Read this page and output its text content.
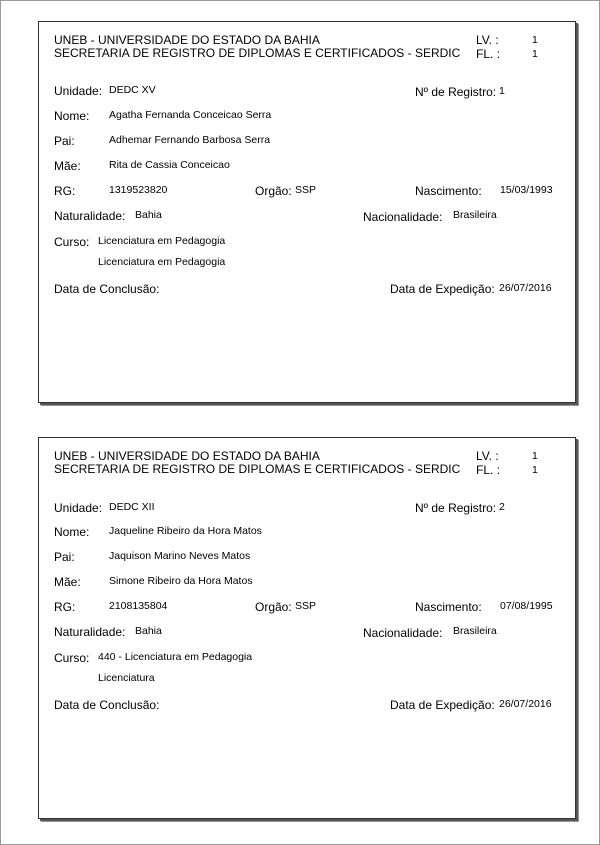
UNEB - UNIVERSIDADE DO ESTADO DA BAHIA
SECRETARIA DE REGISTRO DE DIPLOMAS E CERTIFICADOS - SERDIC
LV. :	1
FL. :	1
Unidade: DEDC XV	Nº de Registro: 1
Nome: Agatha Fernanda Conceicao Serra
Pai:	Adhemar Fernando Barbosa Serra
Mãe:	Rita de Cassia Conceicao
RG:	1319523820	Orgão: SSP	Nascimento: 15/03/1993
Naturalidade: Bahia	Nacionalidade: Brasileira
Curso: Licenciatura em Pedagogia
Licenciatura em Pedagogia
Data de Conclusão:	Data de Expedição: 26/07/2016
UNEB - UNIVERSIDADE DO ESTADO DA BAHIA
SECRETARIA DE REGISTRO DE DIPLOMAS E CERTIFICADOS - SERDIC
LV. :	1
FL. :	1
Unidade: DEDC XII	Nº de Registro: 2
Nome: Jaqueline Ribeiro da Hora Matos
Pai:	Jaquison Marino Neves Matos
Mãe:	Simone Ribeiro da Hora Matos
RG:	2108135804	Orgão: SSP	Nascimento: 07/08/1995
Naturalidade: Bahia	Nacionalidade: Brasileira
Curso: 440 - Licenciatura em Pedagogia
Licenciatura
Data de Conclusão:	Data de Expedição: 26/07/2016
